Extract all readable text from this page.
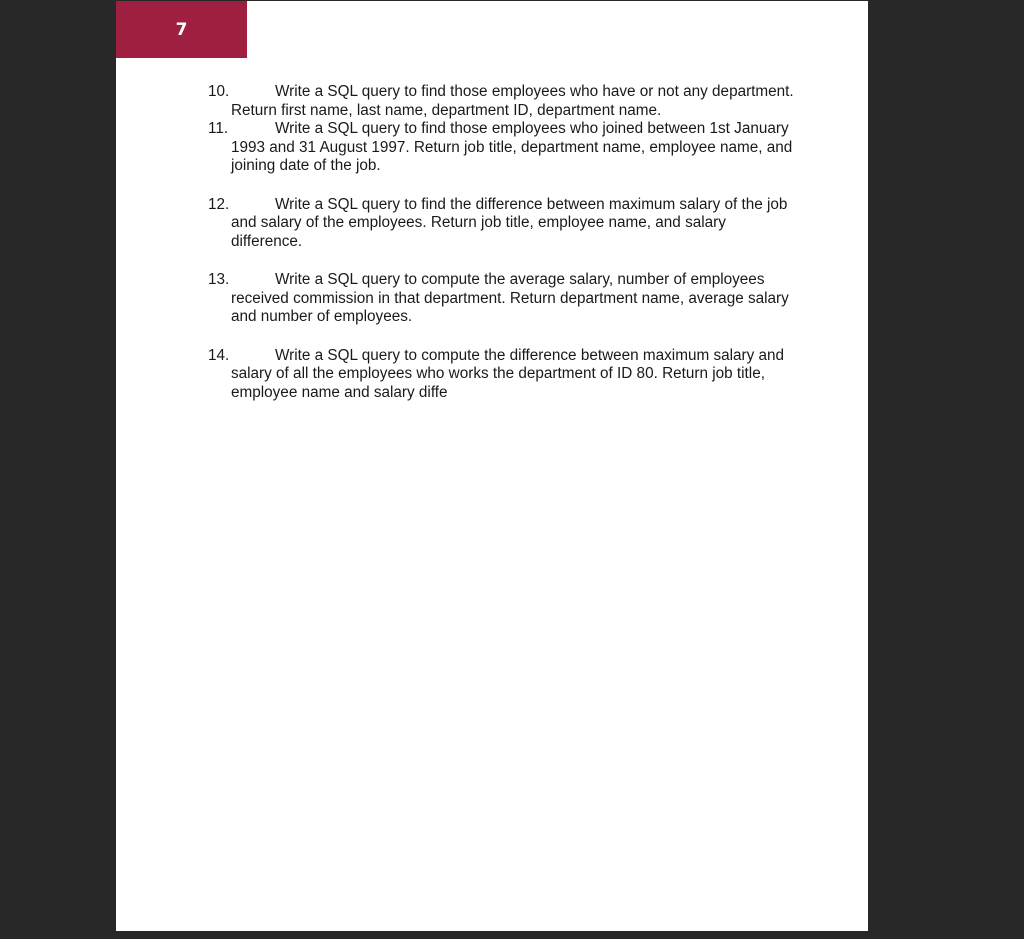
7
10.	Write a SQL query to find those employees who have or not any department. Return first name, last name, department ID, department name.
11.	Write a SQL query to find those employees who joined between 1st January 1993 and 31 August 1997. Return job title, department name, employee name, and joining date of the job.
12.	Write a SQL query to find the difference between maximum salary of the job and salary of the employees. Return job title, employee name, and salary difference.
13.	Write a SQL query to compute the average salary, number of employees received commission in that department. Return department name, average salary and number of employees.
14.	Write a SQL query to compute the difference between maximum salary and salary of all the employees who works the department of ID 80. Return job title, employee name and salary diffe
